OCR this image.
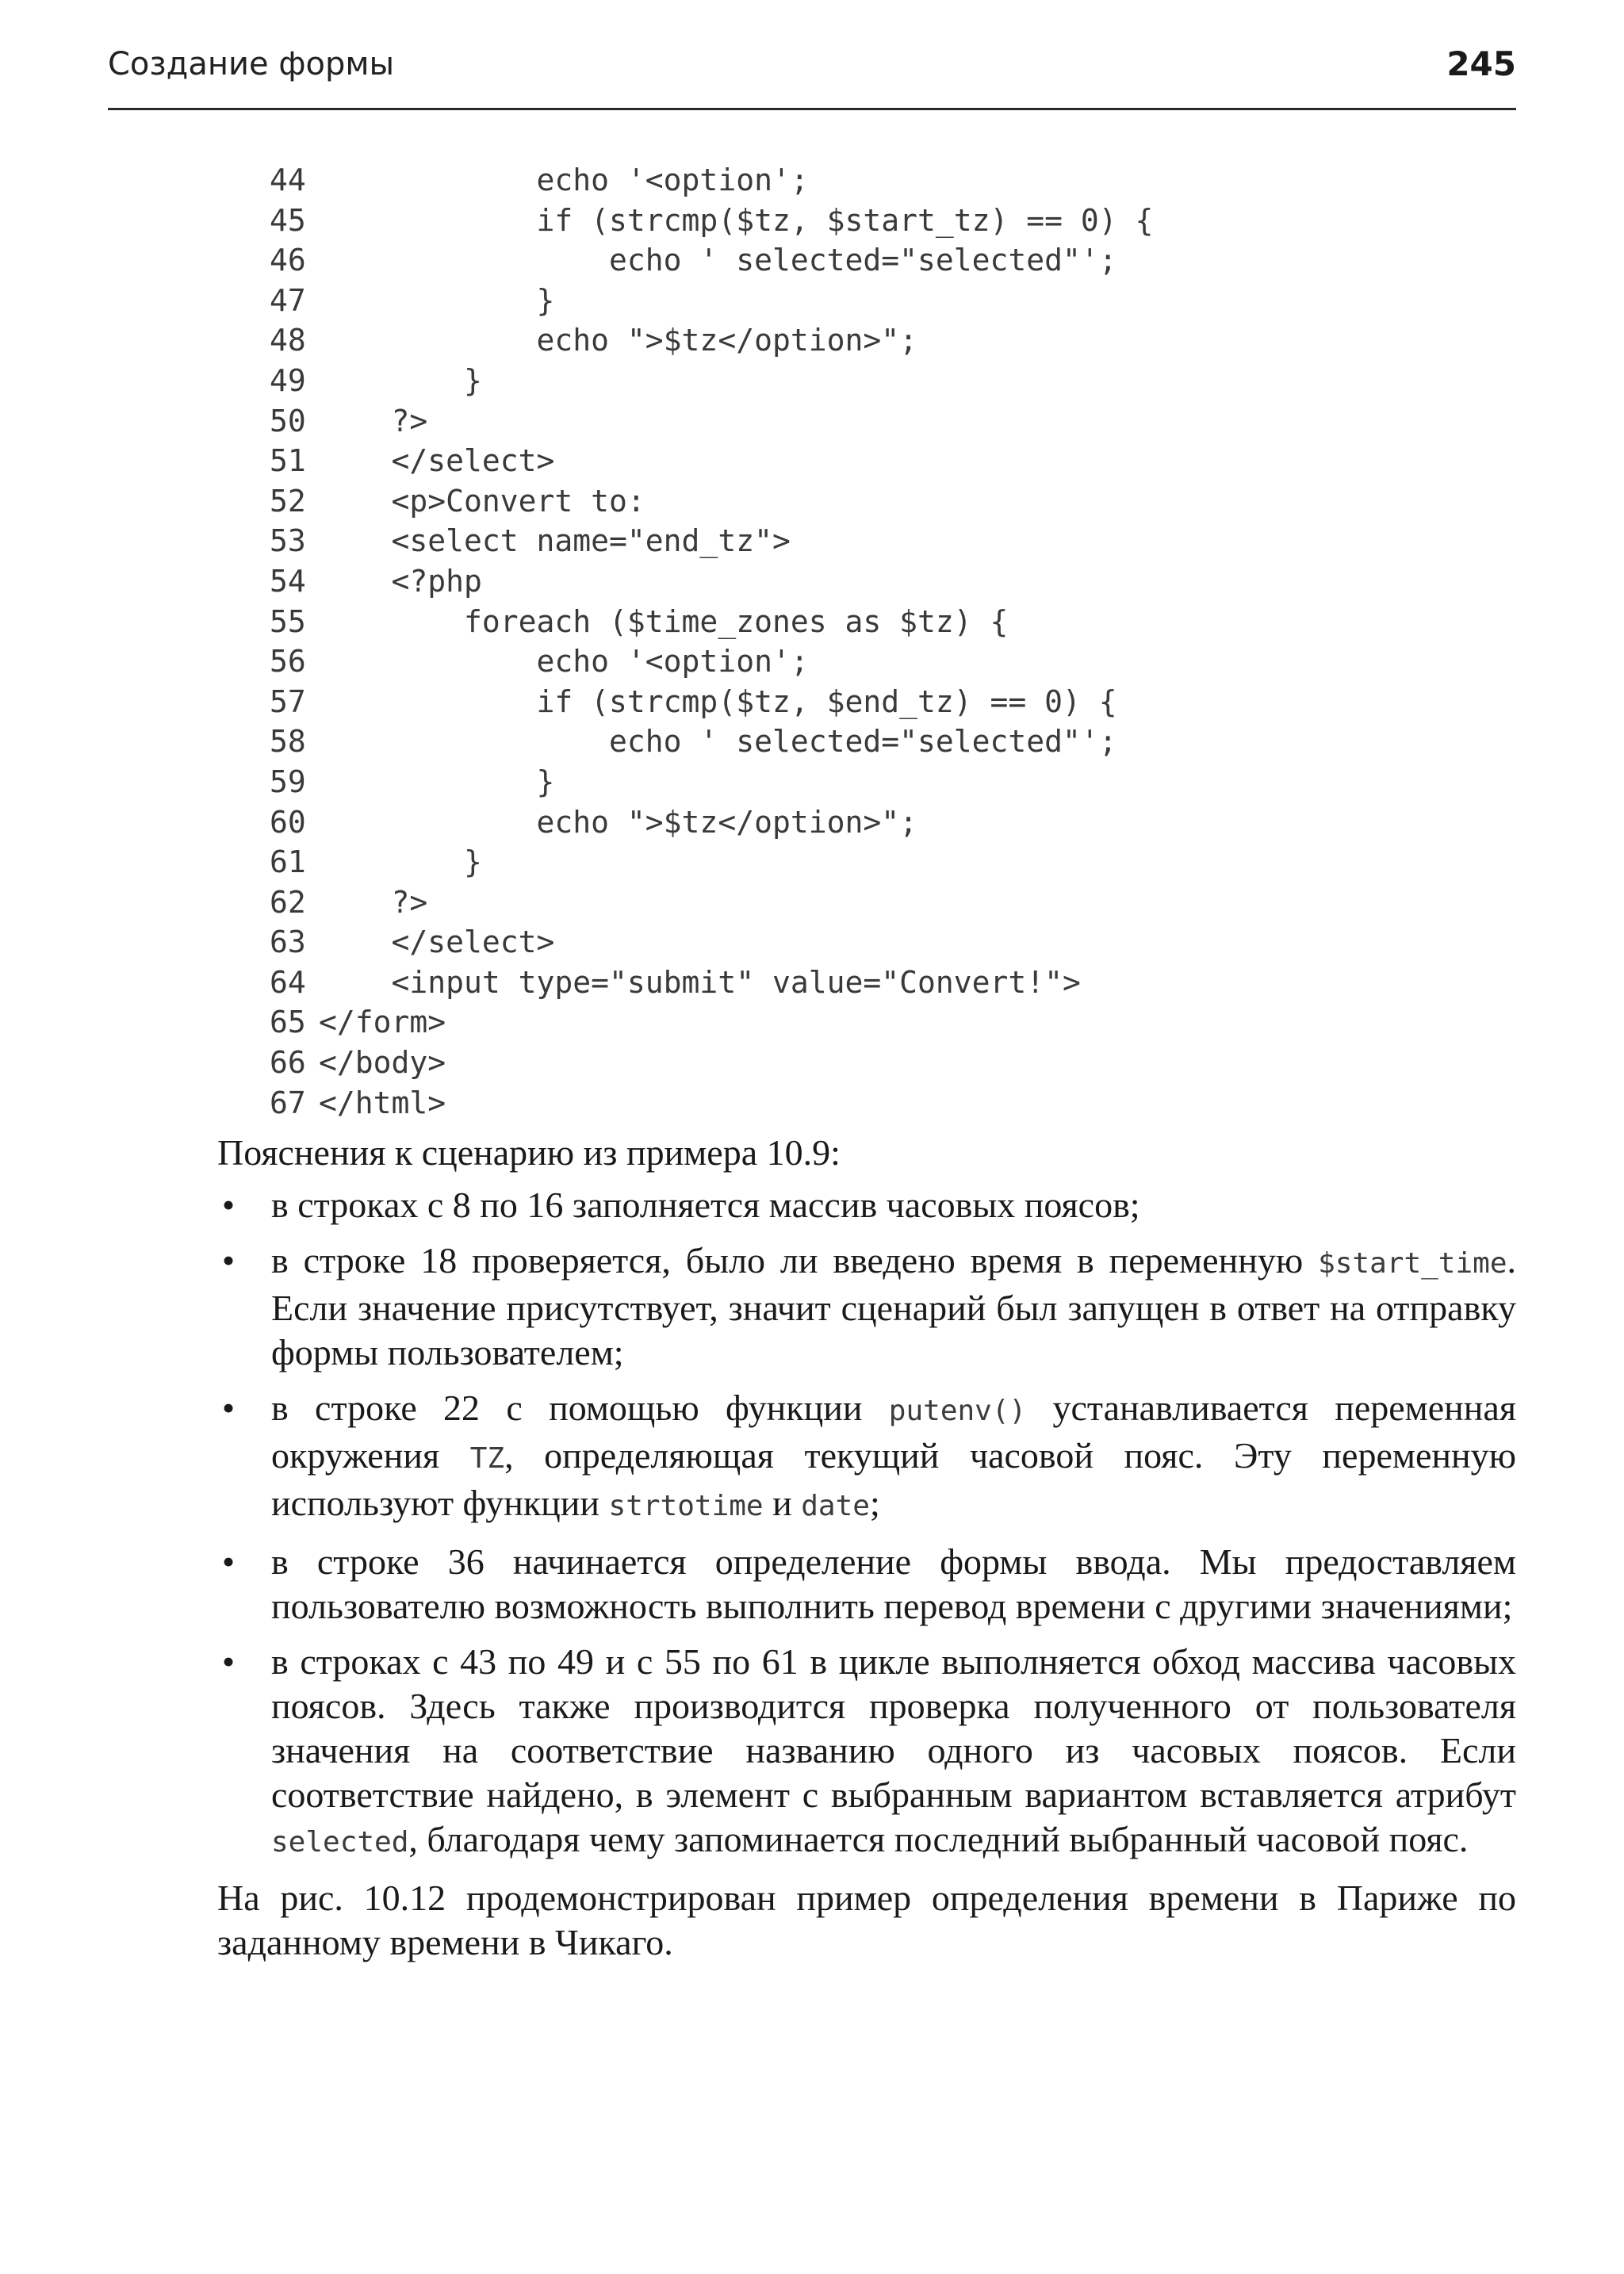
Создание формы	245
44            echo '<option';
45            if (strcmp($tz, $start_tz) == 0) {
46                echo ' selected="selected"';
47            }
48            echo ">$tz</option>";
49        }
50    ?>
51    </select>
52    <p>Convert to:
53    <select name="end_tz">
54    <?php
55        foreach ($time_zones as $tz) {
56            echo '<option';
57            if (strcmp($tz, $end_tz) == 0) {
58                echo ' selected="selected"';
59            }
60            echo ">$tz</option>";
61        }
62    ?>
63    </select>
64    <input type="submit" value="Convert!">
65 </form>
66 </body>
67 </html>

Пояснения к сценарию из примера 10.9:

• в строках с 8 по 16 заполняется массив часовых поясов;
• в строке 18 проверяется, было ли введено время в переменную $start_time. Если значение присутствует, значит сценарий был запущен в ответ на отправку формы пользователем;
• в строке 22 с помощью функции putenv() устанавливается переменная окружения TZ, определяющая текущий часовой пояс. Эту переменную используют функции strtotime и date;
• в строке 36 начинается определение формы ввода. Мы предоставляем пользователю возможность выполнить перевод времени с другими значениями;
• в строках с 43 по 49 и с 55 по 61 в цикле выполняется обход массива часовых поясов. Здесь также производится проверка полученного от пользователя значения на соответствие названию одного из часовых поясов. Если соответствие найдено, в элемент с выбранным вариантом вставляется атрибут selected, благодаря чему запоминается последний выбранный часовой пояс.

На рис. 10.12 продемонстрирован пример определения времени в Париже по заданному времени в Чикаго.
